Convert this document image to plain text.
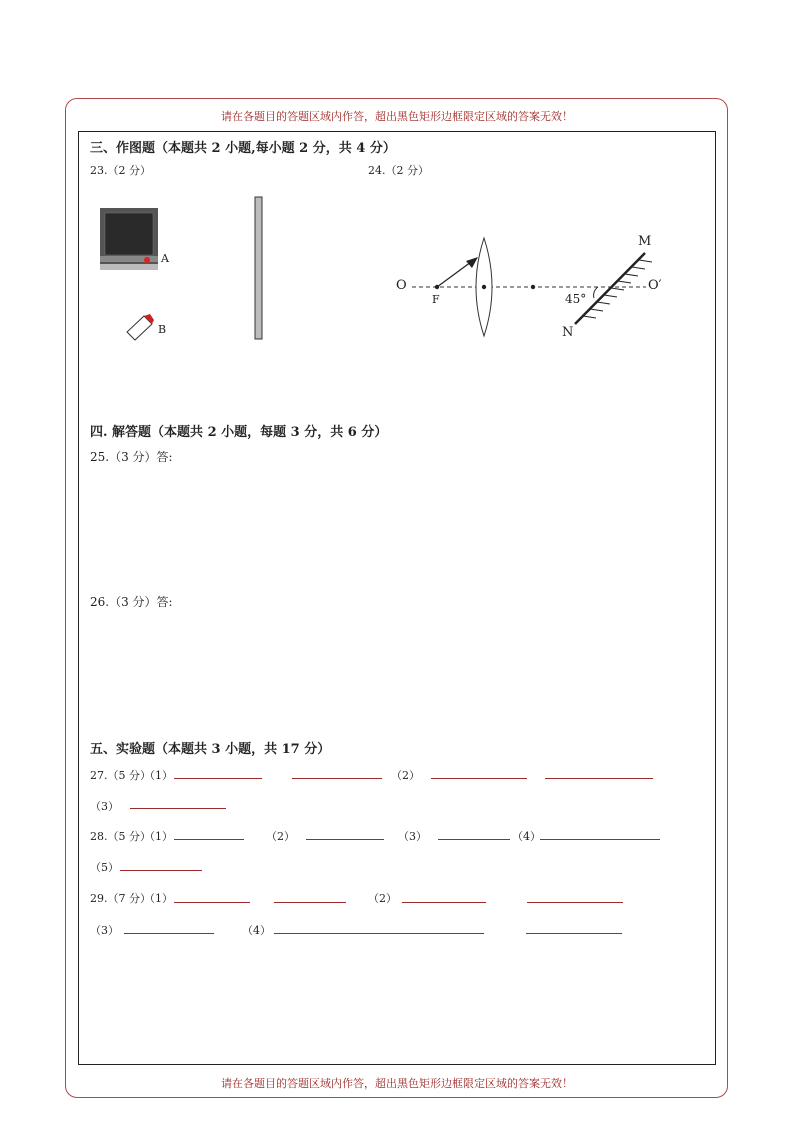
请在各题目的答题区域内作答，超出黑色矩形边框限定区域的答案无效！
请在各题目的答题区域内作答，超出黑色矩形边框限定区域的答案无效！
三、作图题（本题共 2 小题,每小题 2 分，共 4 分）
23.（2 分）	24.（2 分）
A
B
O
F
O′
M
N
45°
四. 解答题（本题共 2 小题，每题 3 分，共 6 分）
25.（3 分）答:
26.（3 分）答:
五、实验题（本题共 3 小题，共 17 分）
27.（5 分）
（1）	（2）
（3）
28.（5 分）
（1）	（2）	（3）	（4）
（5）
29.（7 分）
（1）	（2）
（3）	（4）
